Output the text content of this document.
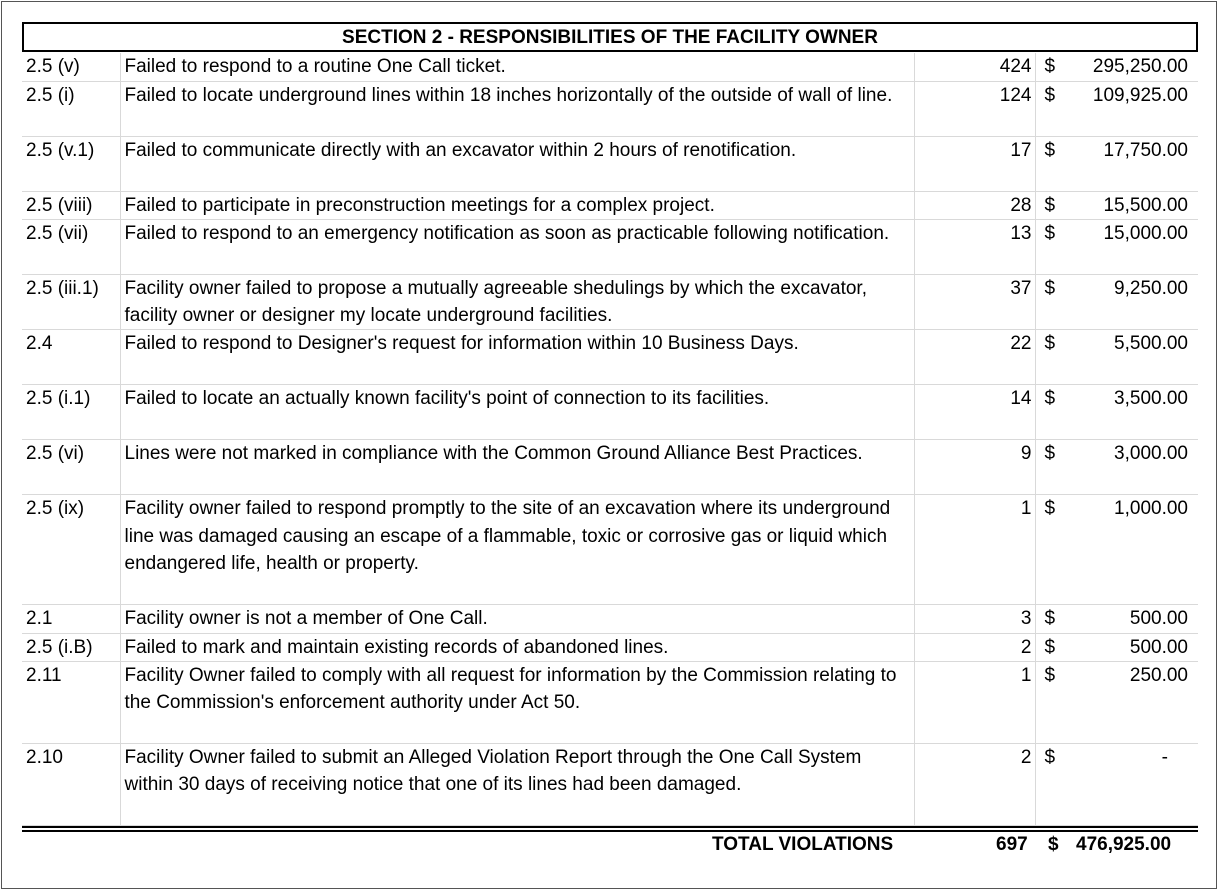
SECTION 2 - RESPONSIBILITIES OF THE FACILITY OWNER
2.5 (v)	Failed to respond to a routine One Call ticket.	424	$	295,250.00
2.5 (i)	Failed to locate underground lines within 18 inches horizontally of the outside of wall of line.	124	$	109,925.00
2.5 (v.1)	Failed to communicate directly with an excavator within 2 hours of renotification.	17	$	17,750.00
2.5 (viii)	Failed to participate in preconstruction meetings for a complex project.	28	$	15,500.00
2.5 (vii)	Failed to respond to an emergency notification as soon as practicable following notification.	13	$	15,000.00
2.5 (iii.1)	Facility owner failed to propose a mutually agreeable shedulings by which the excavator, facility owner or designer my locate underground facilities.	37	$	9,250.00
2.4	Failed to respond to Designer's request for information within 10 Business Days.	22	$	5,500.00
2.5 (i.1)	Failed to locate an actually known facility's point of connection to its facilities.	14	$	3,500.00
2.5 (vi)	Lines were not marked in compliance with the Common Ground Alliance Best Practices.	9	$	3,000.00
2.5 (ix)	Facility owner failed to respond promptly to the site of an excavation where its underground line was damaged causing an escape of a flammable, toxic or corrosive gas or liquid which endangered life, health or property.	1	$	1,000.00
2.1	Facility owner is not a member of One Call.	3	$	500.00
2.5 (i.B)	Failed to mark and maintain existing records of abandoned lines.	2	$	500.00
2.11	Facility Owner failed to comply with all request for information by the Commission relating to the Commission's enforcement authority under Act 50.	1	$	250.00
2.10	Facility Owner failed to submit an Alleged Violation Report through the One Call System within 30 days of receiving notice that one of its lines had been damaged.	2	$	-
TOTAL VIOLATIONS	697 $ 476,925.00
